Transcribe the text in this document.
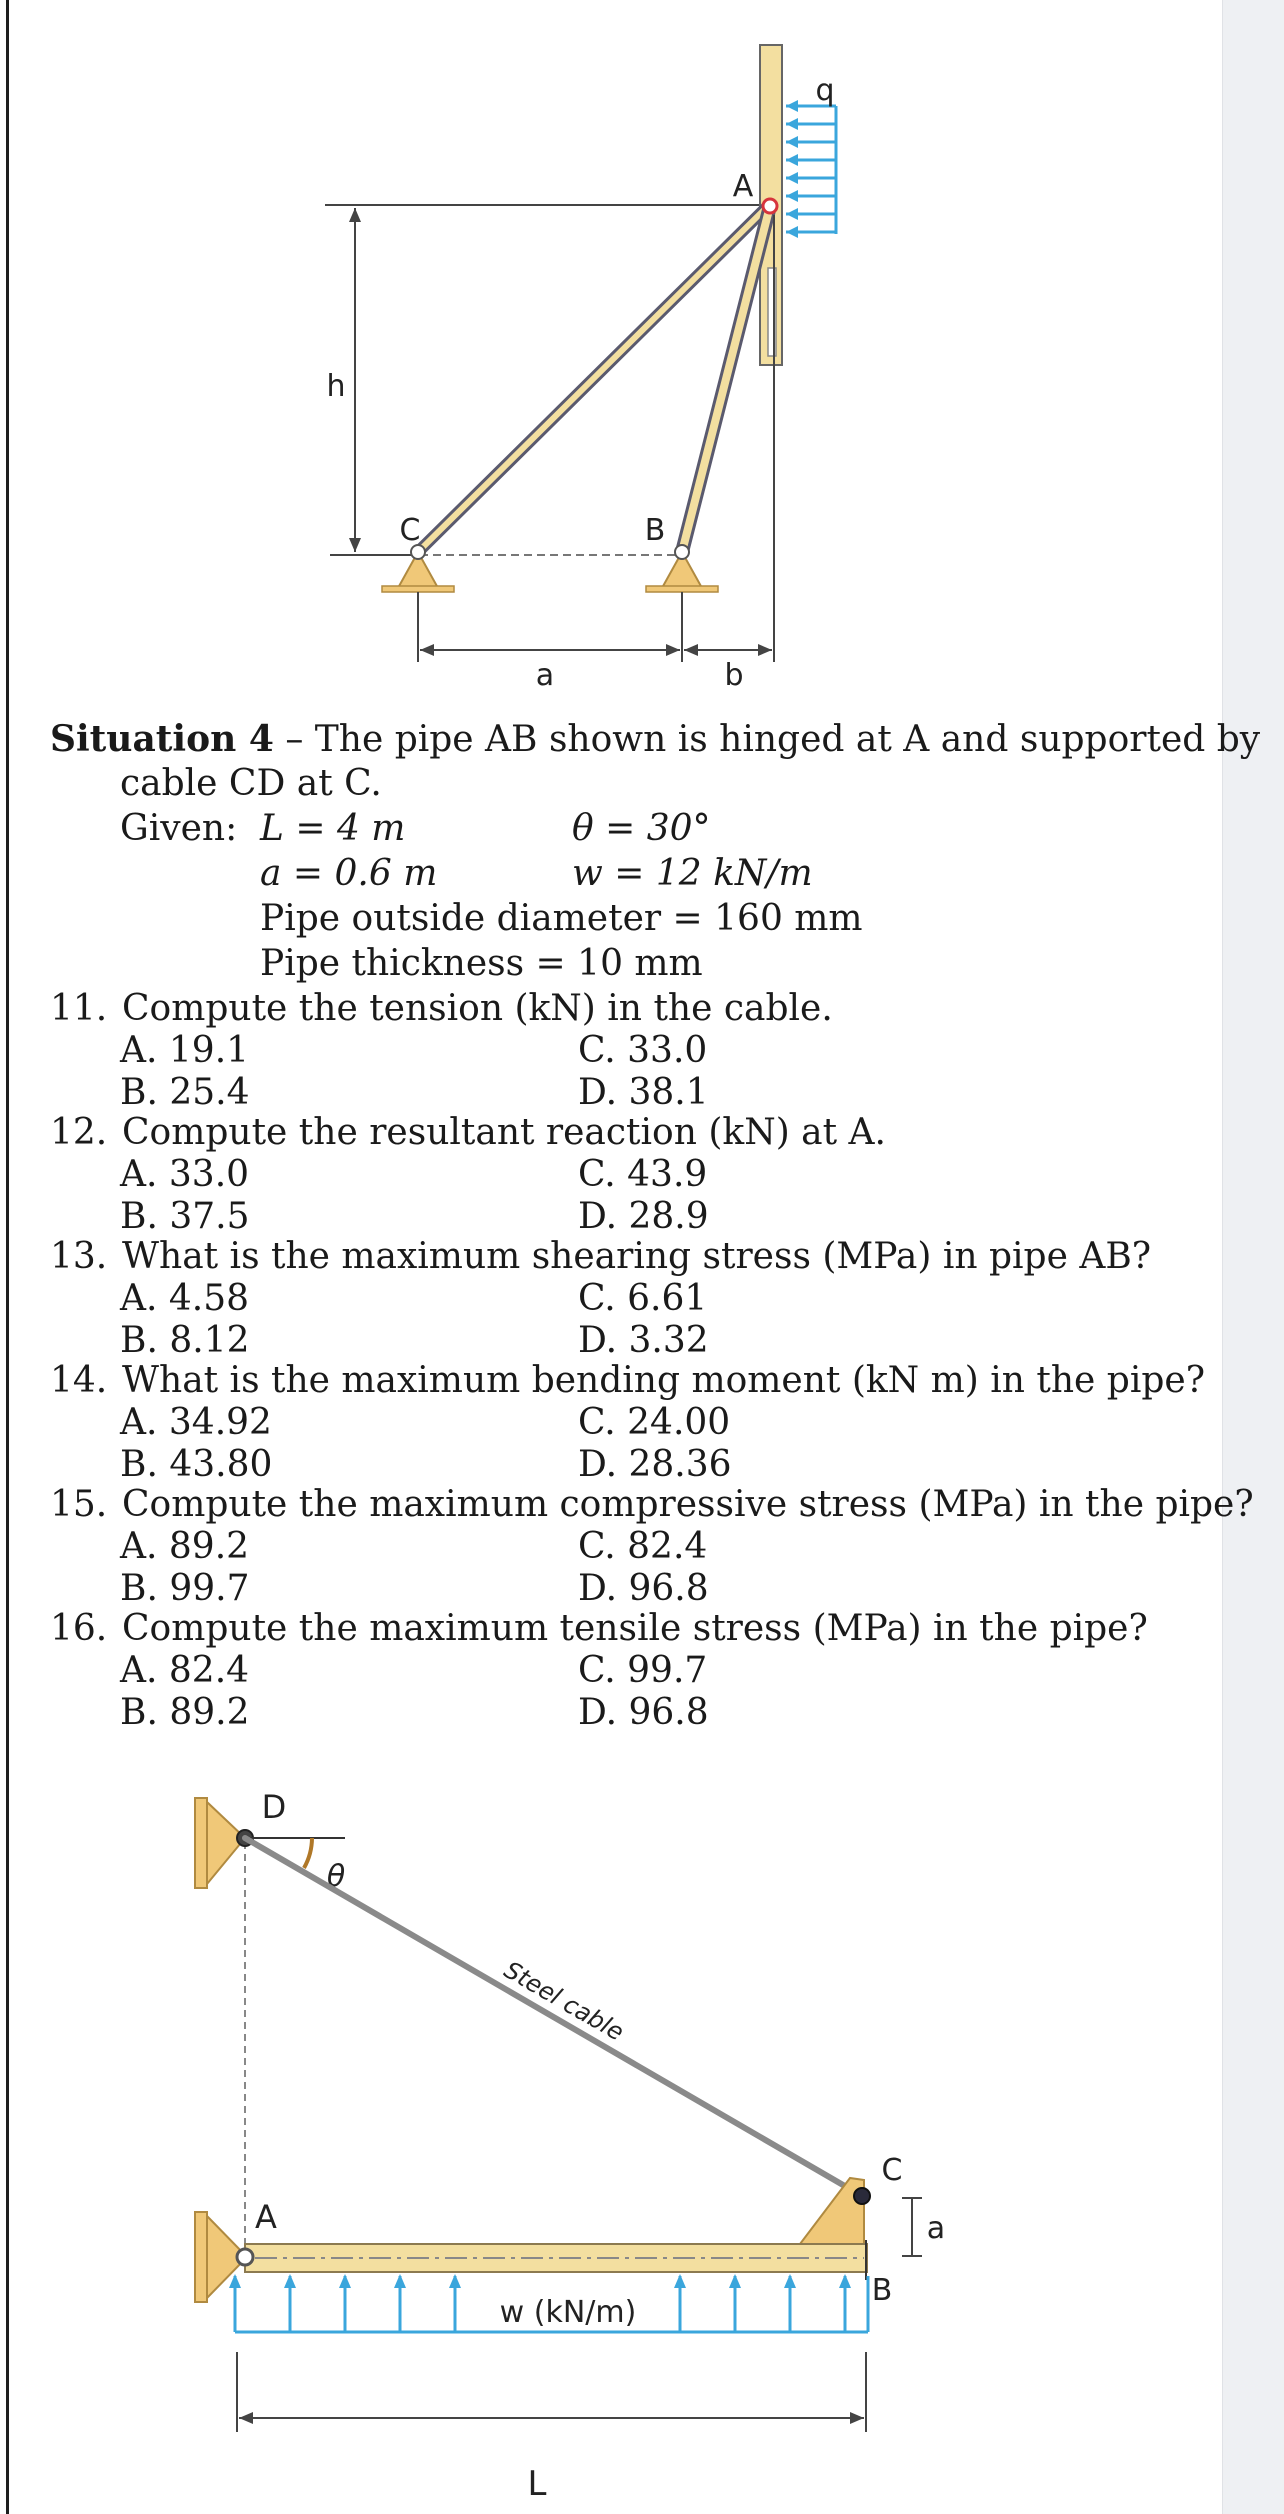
h
q
A
C	B
a	b
Situation 4 – The pipe AB shown is hinged at A and supported by
cable CD at C.
Given: L = 4 m	θ = 30°
a = 0.6 m	w = 12 kN/m
Pipe outside diameter = 160 mm
Pipe thickness = 10 mm
11. Compute the tension (kN) in the cable.
A. 19.1	C. 33.0
B. 25.4	D. 38.1
12. Compute the resultant reaction (kN) at A.
A. 33.0	C. 43.9
B. 37.5	D. 28.9
13. What is the maximum shearing stress (MPa) in pipe AB?
A. 4.58	C. 6.61
B. 8.12	D. 3.32
14. What is the maximum bending moment (kN m) in the pipe?
A. 34.92	C. 24.00
B. 43.80	D. 28.36
15. Compute the maximum compressive stress (MPa) in the pipe?
A. 89.2	C. 82.4
B. 99.7	D. 96.8
16. Compute the maximum tensile stress (MPa) in the pipe?
A. 82.4	C. 99.7
B. 89.2	D. 96.8
D
θ
Steel cable
C
a
A
B
w (kN/m)
L
